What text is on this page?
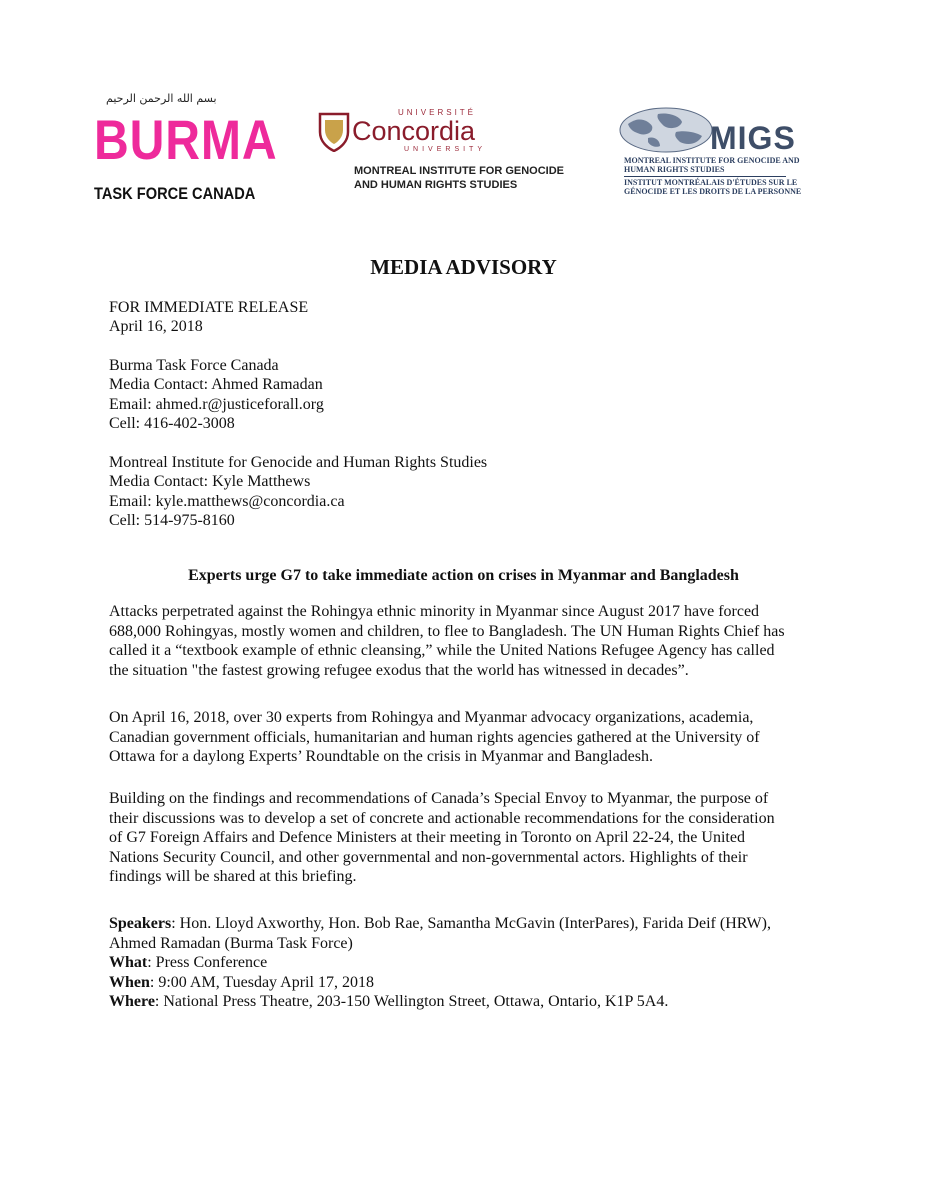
بسم الله الرحمن الرحيم
BURMA
TASK FORCE CANADA
UNIVERSITÉ
Concordia
UNIVERSITY
MONTREAL INSTITUTE FOR GENOCIDE
AND HUMAN RIGHTS STUDIES
MIGS
MONTREAL INSTITUTE FOR GENOCIDE AND
HUMAN RIGHTS STUDIES
INSTITUT MONTRÉALAIS D'ÉTUDES SUR LE
GÉNOCIDE ET LES DROITS DE LA PERSONNE
MEDIA ADVISORY
FOR IMMEDIATE RELEASE
April 16, 2018
Burma Task Force Canada
Media Contact: Ahmed Ramadan
Email: ahmed.r@justiceforall.org
Cell: 416-402-3008
Montreal Institute for Genocide and Human Rights Studies
Media Contact: Kyle Matthews
Email: kyle.matthews@concordia.ca
Cell: 514-975-8160
Experts urge G7 to take immediate action on crises in Myanmar and Bangladesh
Attacks perpetrated against the Rohingya ethnic minority in Myanmar since August 2017 have forced
688,000 Rohingyas, mostly women and children, to flee to Bangladesh. The UN Human Rights Chief has
called it a “textbook example of ethnic cleansing,” while the United Nations Refugee Agency has called
the situation "the fastest growing refugee exodus that the world has witnessed in decades”.
On April 16, 2018, over 30 experts from Rohingya and Myanmar advocacy organizations, academia,
Canadian government officials, humanitarian and human rights agencies gathered at the University of
Ottawa for a daylong Experts’ Roundtable on the crisis in Myanmar and Bangladesh.
Building on the findings and recommendations of Canada’s Special Envoy to Myanmar, the purpose of
their discussions was to develop a set of concrete and actionable recommendations for the consideration
of G7 Foreign Affairs and Defence Ministers at their meeting in Toronto on April 22-24, the United
Nations Security Council, and other governmental and non-governmental actors. Highlights of their
findings will be shared at this briefing.
Speakers: Hon. Lloyd Axworthy, Hon. Bob Rae, Samantha McGavin (InterPares), Farida Deif (HRW),
Ahmed Ramadan (Burma Task Force)
What: Press Conference
When: 9:00 AM, Tuesday April 17, 2018
Where: National Press Theatre, 203-150 Wellington Street, Ottawa, Ontario, K1P 5A4.
